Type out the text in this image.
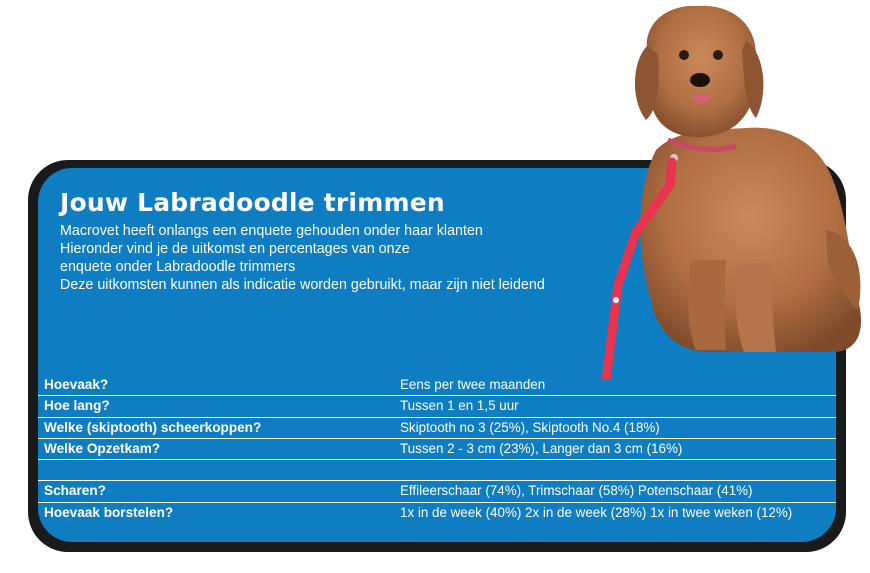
Jouw Labradoodle trimmen
Macrovet heeft onlangs een enquete gehouden onder haar klanten
Hieronder vind je de uitkomst en percentages van onze
enquete onder Labradoodle trimmers
Deze uitkomsten kunnen als indicatie worden gebruikt, maar zijn niet leidend
Hoevaak?	Eens per twee maanden
Hoe lang?	Tussen 1 en 1,5 uur
Welke (skiptooth) scheerkoppen?	Skiptooth no 3 (25%), Skiptooth No.4 (18%)
Welke Opzetkam?	Tussen 2 - 3 cm (23%), Langer dan 3 cm (16%)
Scharen?	Effileerschaar (74%), Trimschaar (58%) Potenschaar (41%)
Hoevaak borstelen?	1x in de week (40%) 2x in de week (28%) 1x in twee weken (12%)
